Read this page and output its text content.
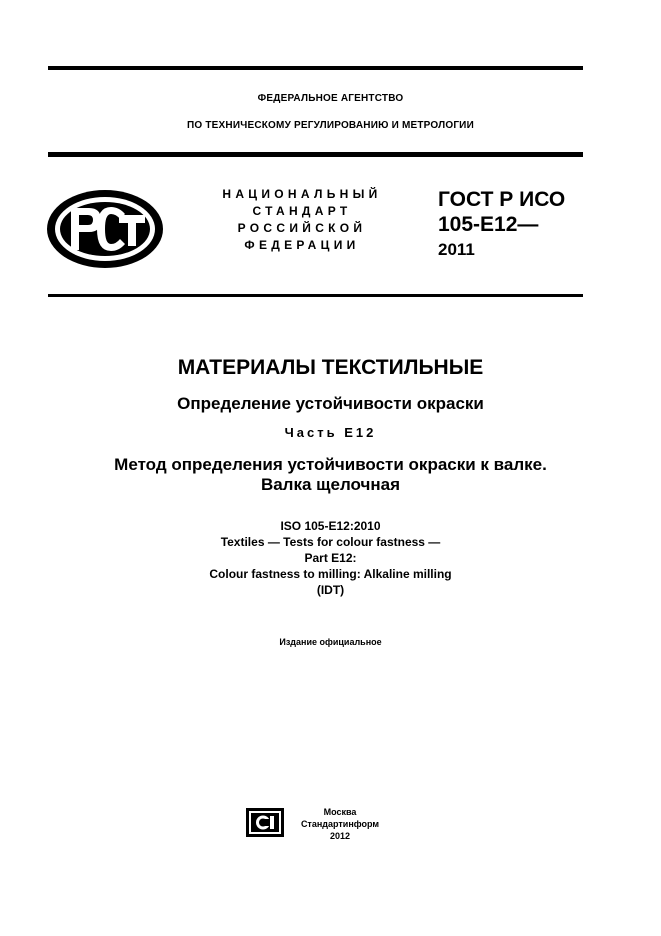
ФЕДЕРАЛЬНОЕ АГЕНТСТВО
ПО ТЕХНИЧЕСКОМУ РЕГУЛИРОВАНИЮ И МЕТРОЛОГИИ
НАЦИОНАЛЬНЫЙ
СТАНДАРТ
РОССИЙСКОЙ
ФЕДЕРАЦИИ
ГОСТ Р ИСО
105-Е12—
2011
МАТЕРИАЛЫ ТЕКСТИЛЬНЫЕ
Определение устойчивости окраски
Часть Е12
Метод определения устойчивости окраски к валке.
Валка щелочная
ISO 105-E12:2010
Textiles — Tests for colour fastness —
Part E12:
Colour fastness to milling: Alkaline milling
(IDT)
Издание официальное
Москва
Стандартинформ
2012
